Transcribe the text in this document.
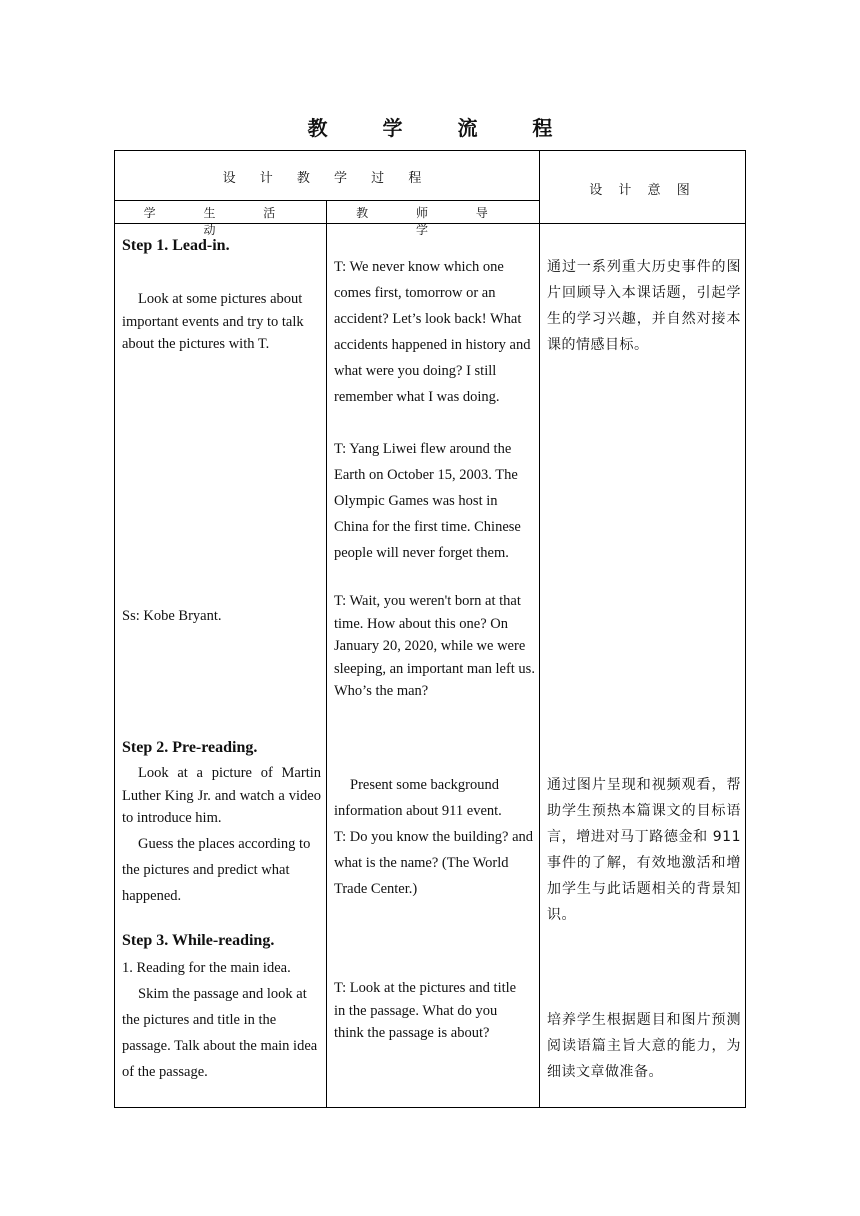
教 学 流 程
设 计 教 学 过 程
设 计 意 图
学 生 活 动
教 师 导 学
Step 1. Lead-in.

Look at some pictures about important events and try to talk about the pictures with T.

Ss: Kobe Bryant.

T: We never know which one comes first, tomorrow or an accident? Let’s look back! What accidents happened in history and what were you doing? I still remember what I was doing.

T: Yang Liwei flew around the Earth on October 15, 2003. The Olympic Games was host in China for the first time. Chinese people will never forget them.

T: Wait, you weren't born at that time. How about this one? On January 20, 2020, while we were sleeping, an important man left us. Who’s the man?

通过一系列重大历史事件的图片回顾导入本课话题，引起学生的学习兴趣，并自然对接本课的情感目标。

Step 2. Pre-reading.

Look at a picture of Martin Luther King Jr. and watch a video to introduce him.

Guess the places according to the pictures and predict what happened.

Present some background information about 911 event.

T: Do you know the building? and what is the name? (The World Trade Center.)

通过图片呈现和视频观看，帮助学生预热本篇课文的目标语言，增进对马丁路德金和 911 事件的了解，有效地激活和增加学生与此话题相关的背景知识。

Step 3. While-reading.

1. Reading for the main idea.

Skim the passage and look at the pictures and title in the passage. Talk about the main idea of the passage.

T: Look at the pictures and title in the passage. What do you think the passage is about?

培养学生根据题目和图片预测阅读语篇主旨大意的能力，为细读文章做准备。
